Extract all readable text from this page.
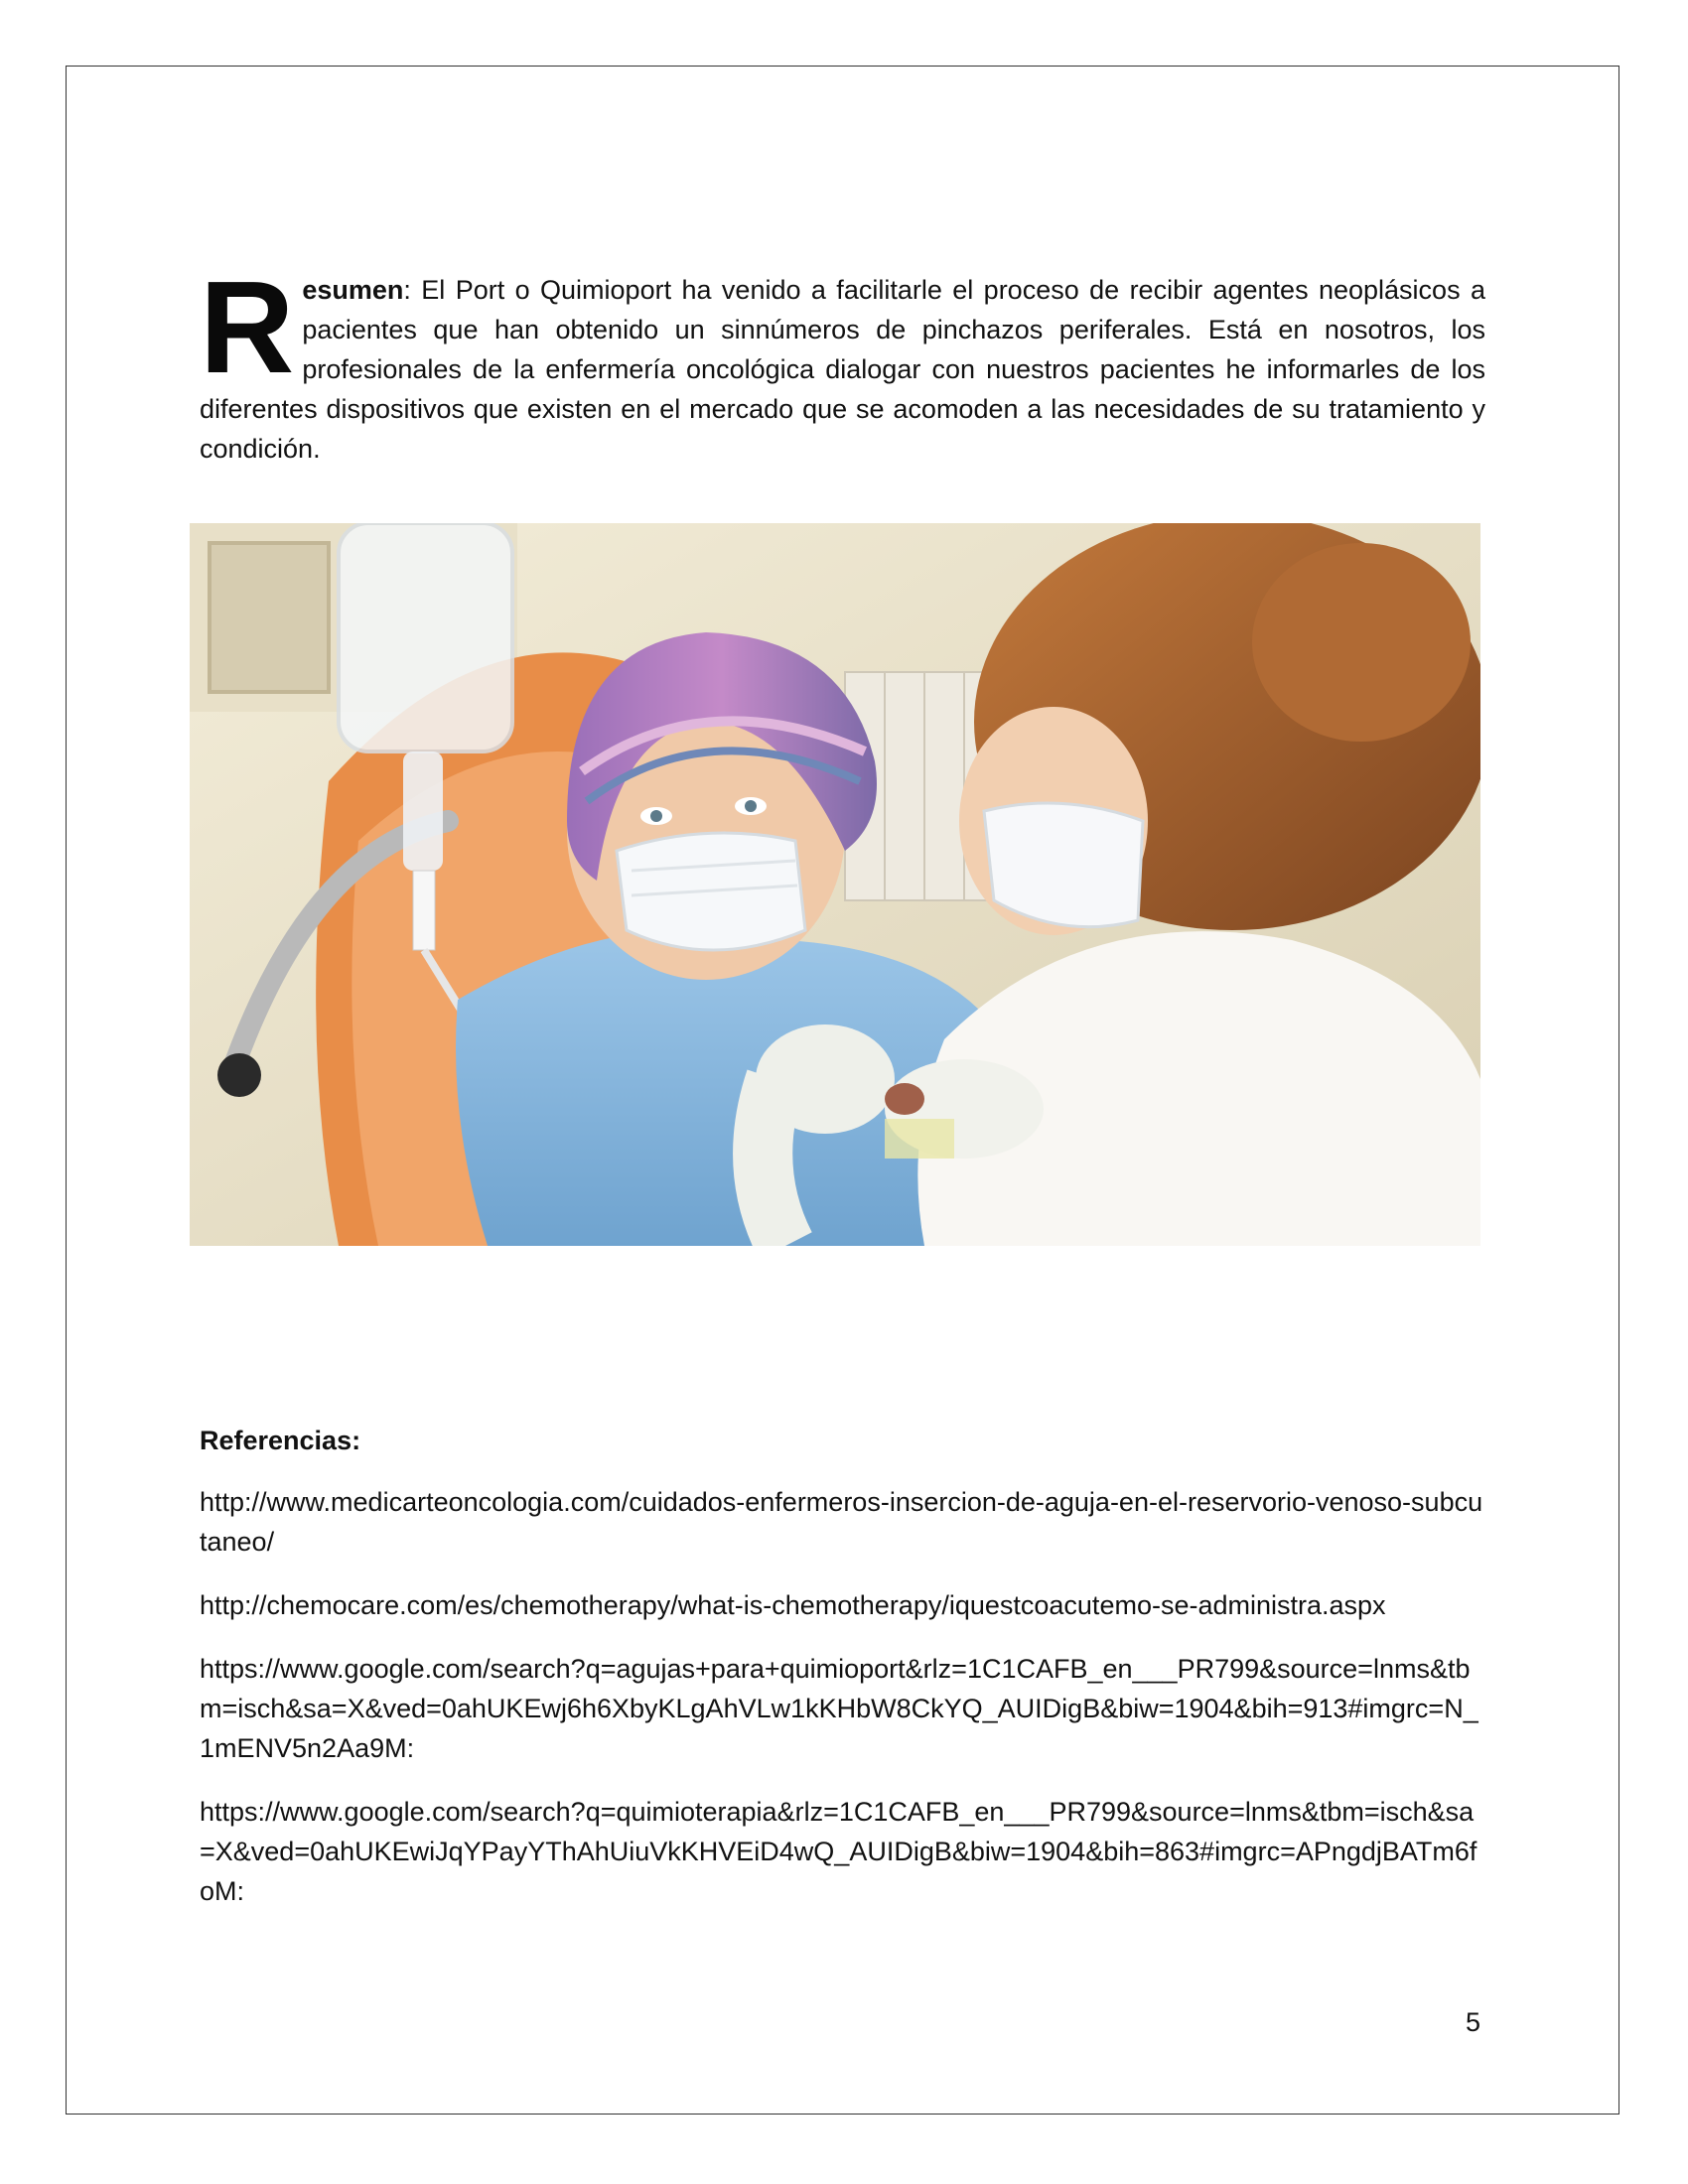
Resumen: El Port o Quimioport ha venido a facilitarle el proceso de recibir agentes neoplásicos a pacientes que han obtenido un sinnúmeros de pinchazos periferales. Está en nosotros, los profesionales de la enfermería oncológica dialogar con nuestros pacientes he informarles de los diferentes dispositivos que existen en el mercado que se acomoden a las necesidades de su tratamiento y condición.
Referencias:

http://www.medicarteoncologia.com/cuidados-enfermeros-insercion-de-aguja-en-el-reservorio-venoso-subcutaneo/

http://chemocare.com/es/chemotherapy/what-is-chemotherapy/iquestcoacutemo-se-administra.aspx

https://www.google.com/search?q=agujas+para+quimioport&rlz=1C1CAFB_en___PR799&source=lnms&tbm=isch&sa=X&ved=0ahUKEwj6h6XbyKLgAhVLw1kKHbW8CkYQ_AUIDigB&biw=1904&bih=913#imgrc=N_1mENV5n2Aa9M:

https://www.google.com/search?q=quimioterapia&rlz=1C1CAFB_en___PR799&source=lnms&tbm=isch&sa=X&ved=0ahUKEwiJqYPayYThAhUiuVkKHVEiD4wQ_AUIDigB&biw=1904&bih=863#imgrc=APngdjBATm6foM:

5
